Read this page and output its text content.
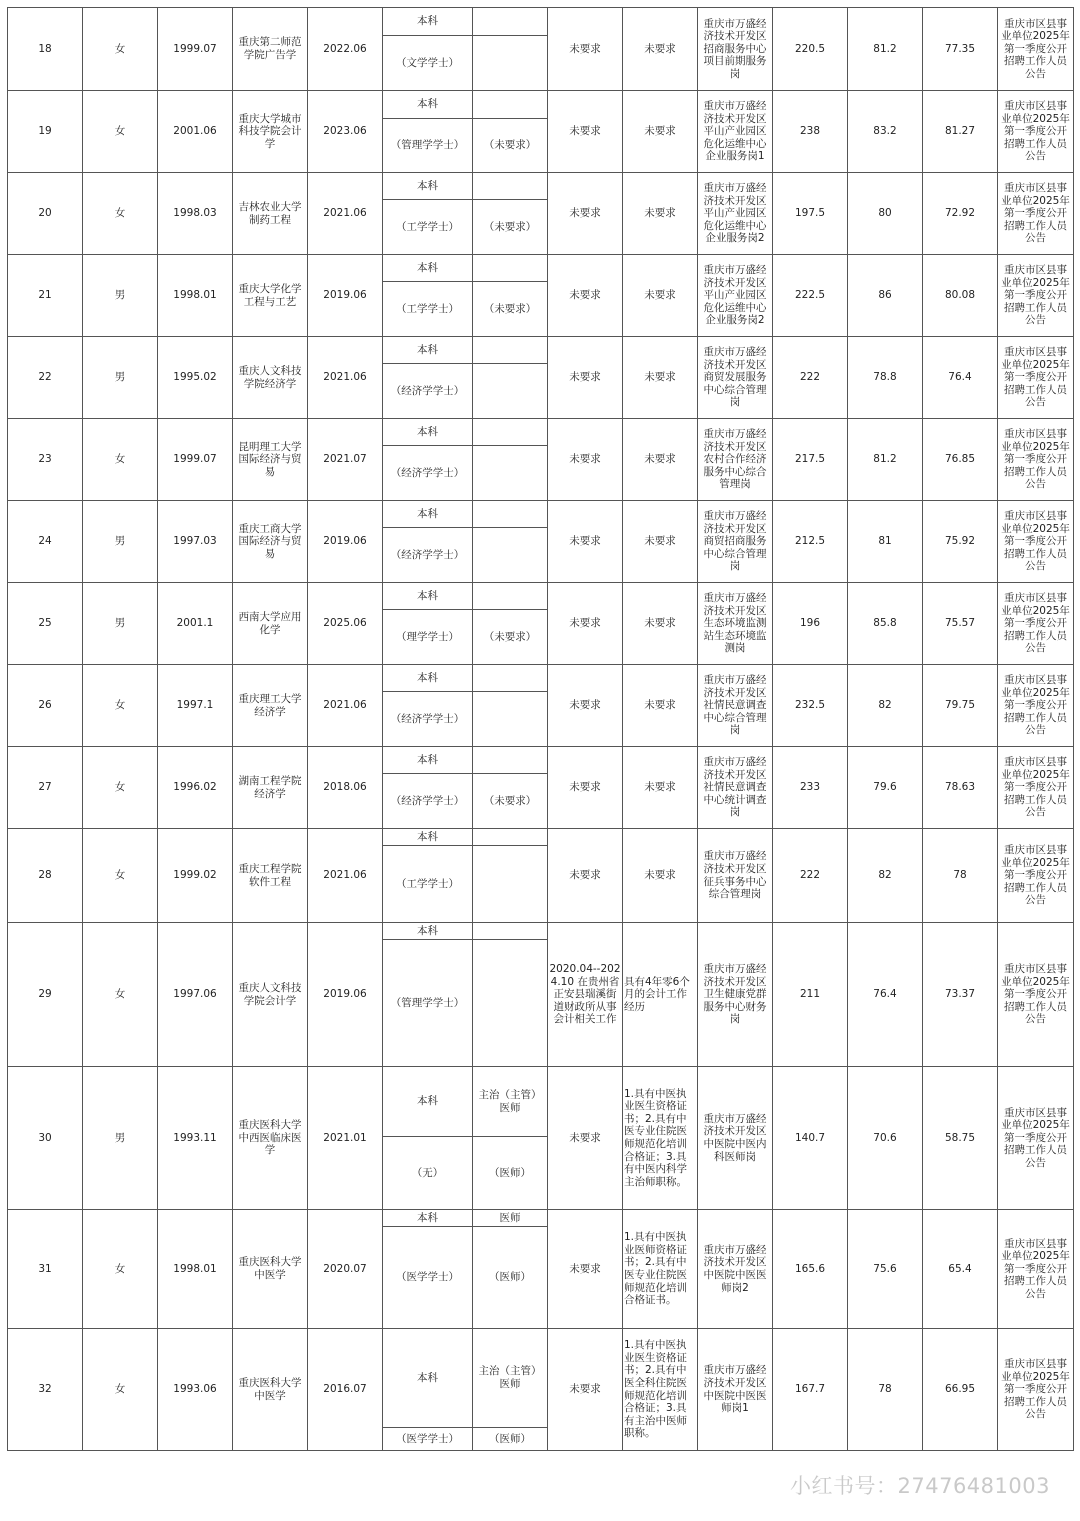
18	女	1999.07	重庆第二师范学院广告学	2022.06	本科		未要求	未要求	重庆市万盛经济技术开发区招商服务中心项目前期服务岗	220.5	81.2	77.35	重庆市区县事业单位2025年第一季度公开招聘工作人员公告
					（文学学士）								
19	女	2001.06	重庆大学城市科技学院会计学	2023.06	本科		未要求	未要求	重庆市万盛经济技术开发区平山产业园区危化运维中心企业服务岗1	238	83.2	81.27	重庆市区县事业单位2025年第一季度公开招聘工作人员公告
					（管理学学士）	（未要求）							
20	女	1998.03	吉林农业大学制药工程	2021.06	本科		未要求	未要求	重庆市万盛经济技术开发区平山产业园区危化运维中心企业服务岗2	197.5	80	72.92	重庆市区县事业单位2025年第一季度公开招聘工作人员公告
					（工学学士）	（未要求）							
21	男	1998.01	重庆大学化学工程与工艺	2019.06	本科		未要求	未要求	重庆市万盛经济技术开发区平山产业园区危化运维中心企业服务岗2	222.5	86	80.08	重庆市区县事业单位2025年第一季度公开招聘工作人员公告
					（工学学士）	（未要求）							
22	男	1995.02	重庆人文科技学院经济学	2021.06	本科		未要求	未要求	重庆市万盛经济技术开发区商贸发展服务中心综合管理岗	222	78.8	76.4	重庆市区县事业单位2025年第一季度公开招聘工作人员公告
					（经济学学士）								
23	女	1999.07	昆明理工大学国际经济与贸易	2021.07	本科		未要求	未要求	重庆市万盛经济技术开发区农村合作经济服务中心综合管理岗	217.5	81.2	76.85	重庆市区县事业单位2025年第一季度公开招聘工作人员公告
					（经济学学士）								
24	男	1997.03	重庆工商大学国际经济与贸易	2019.06	本科		未要求	未要求	重庆市万盛经济技术开发区商贸招商服务中心综合管理岗	212.5	81	75.92	重庆市区县事业单位2025年第一季度公开招聘工作人员公告
					（经济学学士）								
25	男	2001.1	西南大学应用化学	2025.06	本科		未要求	未要求	重庆市万盛经济技术开发区生态环境监测站生态环境监测岗	196	85.8	75.57	重庆市区县事业单位2025年第一季度公开招聘工作人员公告
					（理学学士）	（未要求）							
26	女	1997.1	重庆理工大学经济学	2021.06	本科		未要求	未要求	重庆市万盛经济技术开发区社情民意调查中心综合管理岗	232.5	82	79.75	重庆市区县事业单位2025年第一季度公开招聘工作人员公告
					（经济学学士）								
27	女	1996.02	湖南工程学院经济学	2018.06	本科		未要求	未要求	重庆市万盛经济技术开发区社情民意调查中心统计调查岗	233	79.6	78.63	重庆市区县事业单位2025年第一季度公开招聘工作人员公告
					（经济学学士）	（未要求）							
28	女	1999.02	重庆工程学院软件工程	2021.06	本科		未要求	未要求	重庆市万盛经济技术开发区征兵事务中心综合管理岗	222	82	78	重庆市区县事业单位2025年第一季度公开招聘工作人员公告
					（工学学士）								
29	女	1997.06	重庆人文科技学院会计学	2019.06	本科		2020.04--2024.10 在贵州省正安县瑞溪街道财政所从事会计相关工作	具有4年零6个月的会计工作经历	重庆市万盛经济技术开发区卫生健康党群服务中心财务岗	211	76.4	73.37	重庆市区县事业单位2025年第一季度公开招聘工作人员公告
					（管理学学士）								
30	男	1993.11	重庆医科大学中西医临床医学	2021.01	本科	主治（主管）医师	未要求	1.具有中医执业医生资格证书；2.具有中医专业住院医师规范化培训合格证；3.具有中医内科学主治师职称。	重庆市万盛经济技术开发区中医院中医内科医师岗	140.7	70.6	58.75	重庆市区县事业单位2025年第一季度公开招聘工作人员公告
					（无）	（医师）							
31	女	1998.01	重庆医科大学中医学	2020.07	本科	医师	未要求	1.具有中医执业医师资格证书；2.具有中医专业住院医师规范化培训合格证书。	重庆市万盛经济技术开发区中医院中医医师岗2	165.6	75.6	65.4	重庆市区县事业单位2025年第一季度公开招聘工作人员公告
					（医学学士）	（医师）							
32	女	1993.06	重庆医科大学中医学	2016.07	本科	主治（主管）医师	未要求	1.具有中医执业医生资格证书；2.具有中医全科住院医师规范化培训合格证；3.具有主治中医师职称。	重庆市万盛经济技术开发区中医院中医医师岗1	167.7	78	66.95	重庆市区县事业单位2025年第一季度公开招聘工作人员公告
					（医学学士）	（医师）							
小红书号：27476481003
